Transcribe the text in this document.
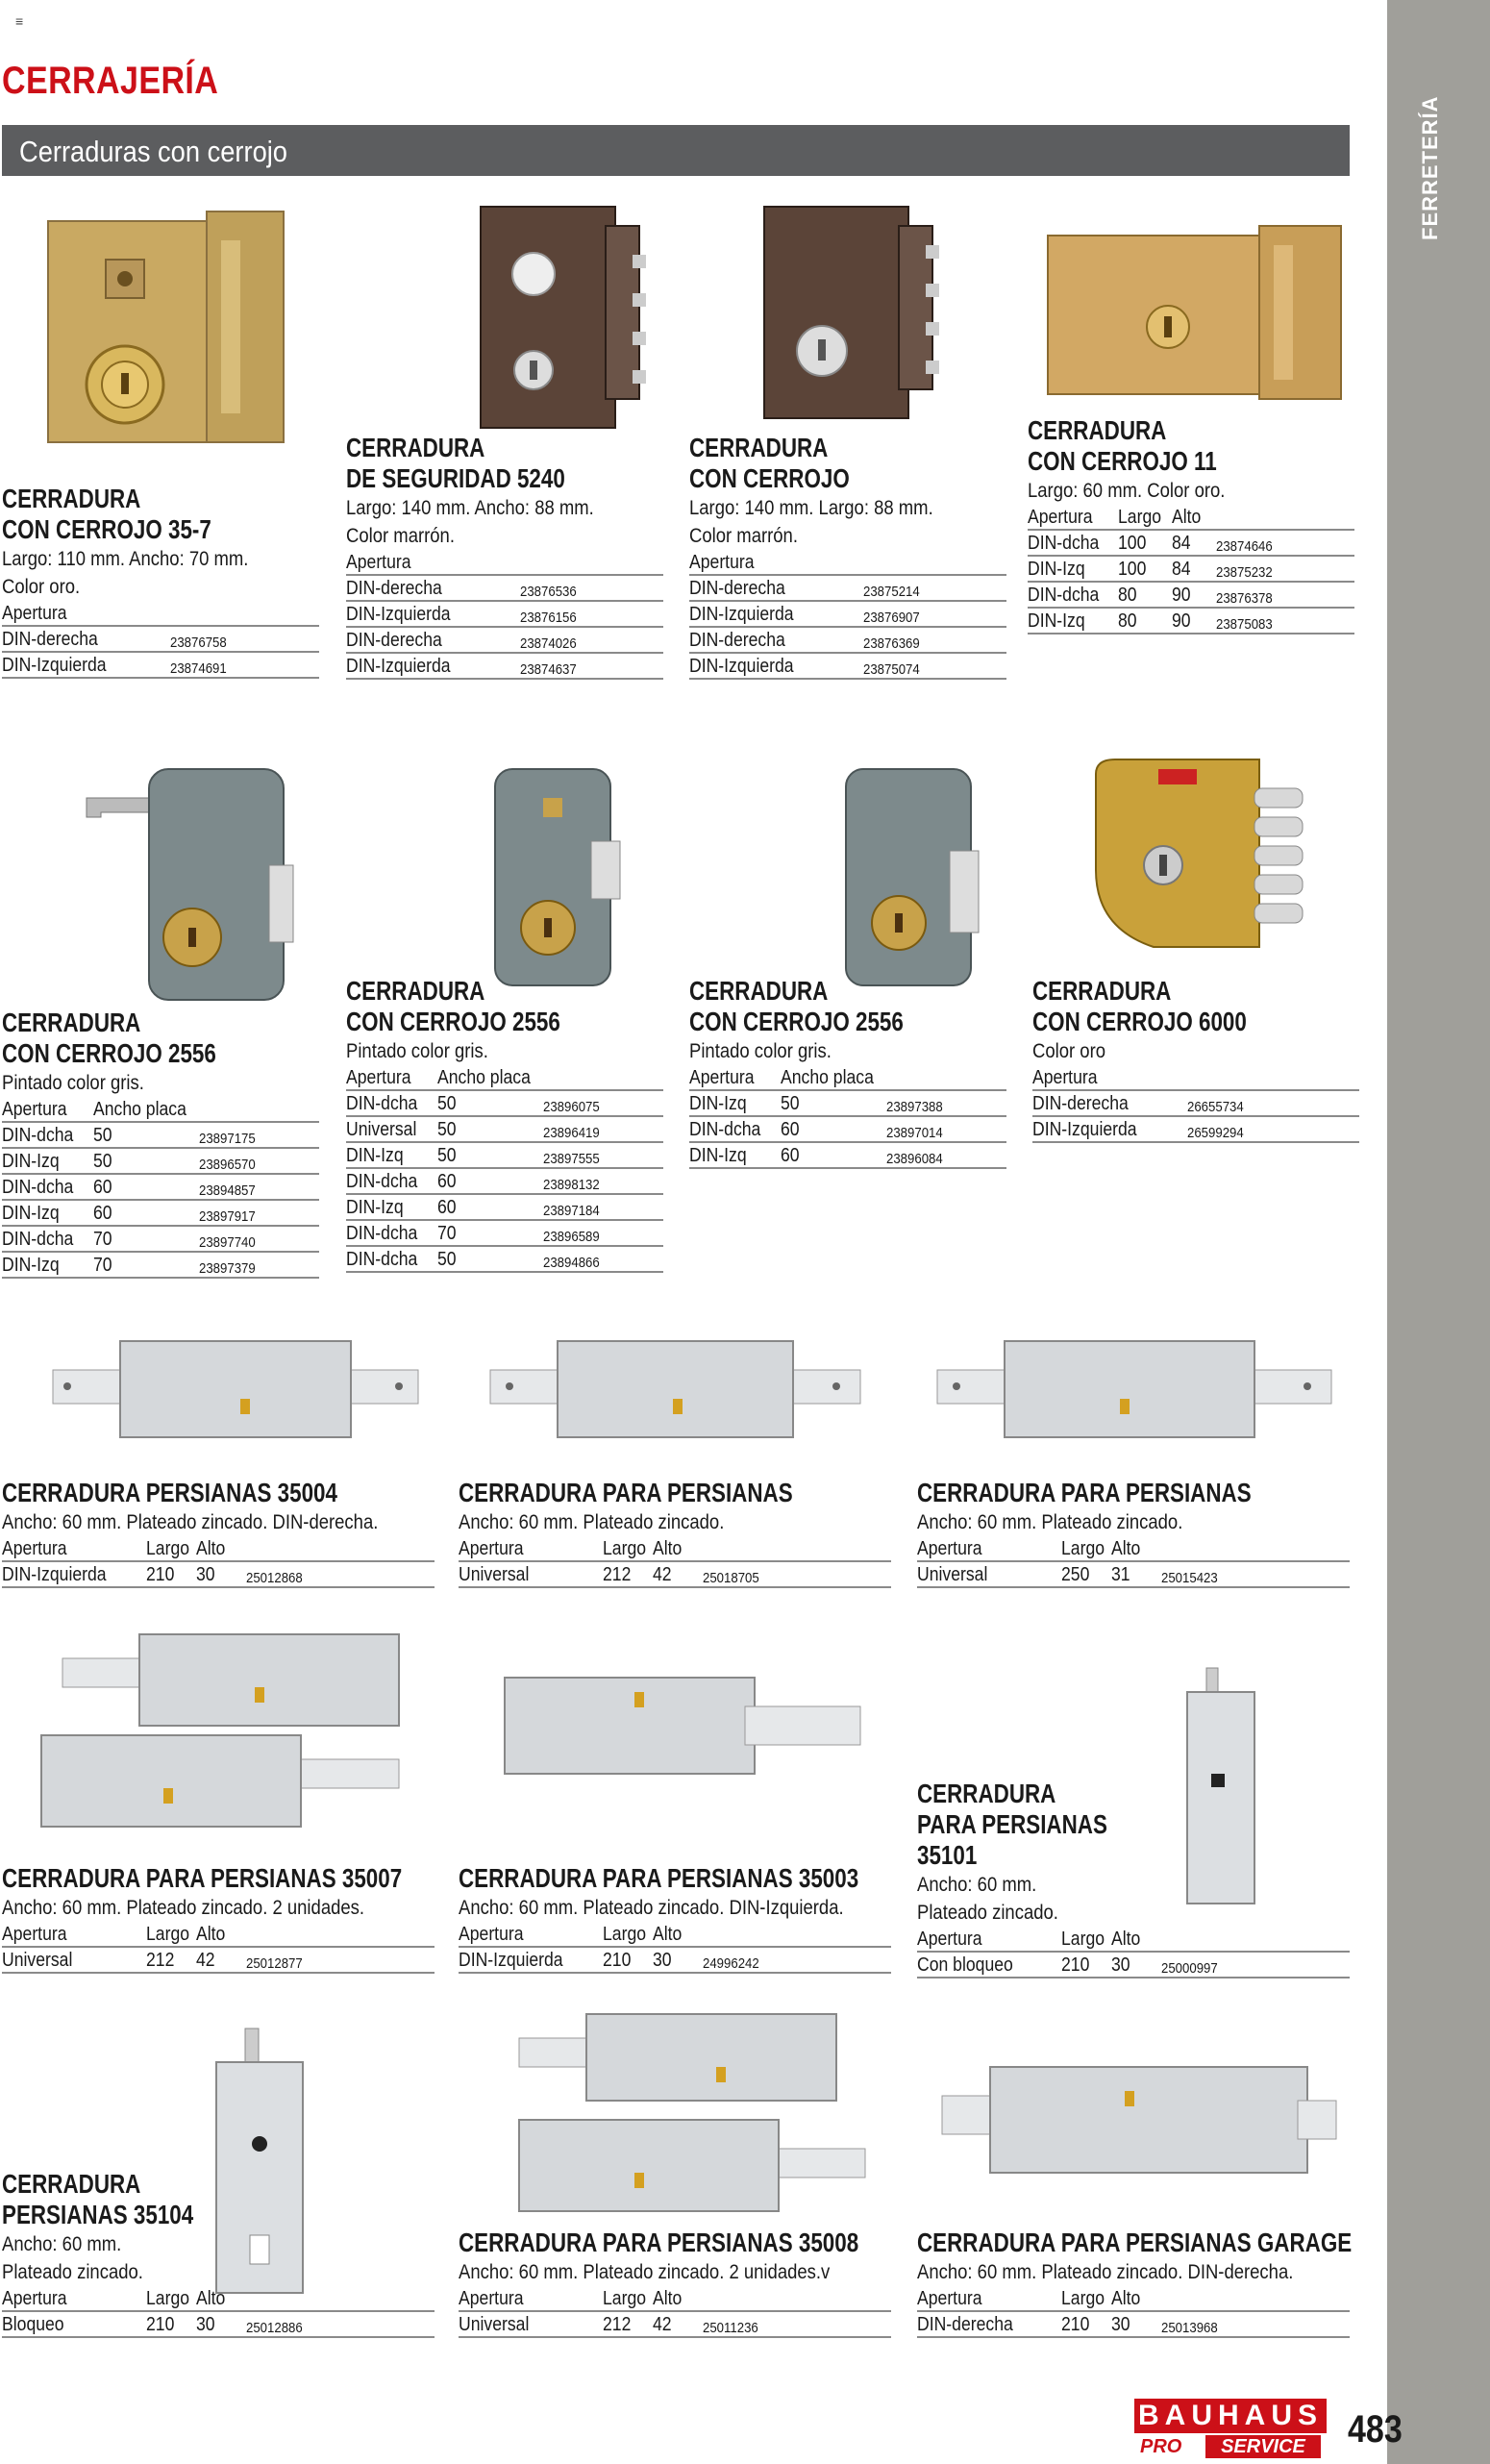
≡
CERRAJERÍA
Cerraduras con cerrojo	FERRETERÍA
CERRADURA
CON CERROJO 35-7
Largo: 110 mm. Ancho: 70 mm.
Color oro.
Apertura			
DIN-derecha			23876758
DIN-Izquierda			23874691
CERRADURA
DE SEGURIDAD 5240
Largo: 140 mm. Ancho: 88 mm.
Color marrón.
Apertura			
DIN-derecha			23876536
DIN-Izquierda			23876156
DIN-derecha			23874026
DIN-Izquierda			23874637
CERRADURA
CON CERROJO
Largo: 140 mm. Largo: 88 mm.
Color marrón.
Apertura			
DIN-derecha			23875214
DIN-Izquierda			23876907
DIN-derecha			23876369
DIN-Izquierda			23875074
CERRADURA
CON CERROJO 11
Largo: 60 mm. Color oro.
Apertura	Largo	Alto	
DIN-dcha	100	84	23874646
DIN-Izq	100	84	23875232
DIN-dcha	80	90	23876378
DIN-Izq	80	90	23875083
CERRADURA
CON CERROJO 2556
Pintado color gris.
Apertura	Ancho placa		
DIN-dcha	50		23897175
DIN-Izq	50		23896570
DIN-dcha	60		23894857
DIN-Izq	60		23897917
DIN-dcha	70		23897740
DIN-Izq	70		23897379
CERRADURA
CON CERROJO 2556
Pintado color gris.
Apertura	Ancho placa		
DIN-dcha	50		23896075
Universal	50		23896419
DIN-Izq	50		23897555
DIN-dcha	60		23898132
DIN-Izq	60		23897184
DIN-dcha	70		23896589
DIN-dcha	50		23894866
CERRADURA
CON CERROJO 2556
Pintado color gris.
Apertura	Ancho placa		
DIN-Izq	50		23897388
DIN-dcha	60		23897014
DIN-Izq	60		23896084
CERRADURA
CON CERROJO 6000
Color oro
Apertura			
DIN-derecha			26655734
DIN-Izquierda			26599294
CERRADURA PERSIANAS 35004
Ancho: 60 mm. Plateado zincado. DIN-derecha.
Apertura	Largo	Alto	
DIN-Izquierda	210	30	25012868
CERRADURA PARA PERSIANAS
Ancho: 60 mm. Plateado zincado.
Apertura	Largo	Alto	
Universal	212	42	25018705
CERRADURA PARA PERSIANAS
Ancho: 60 mm. Plateado zincado.
Apertura	Largo	Alto	
Universal	250	31	25015423
CERRADURA PARA PERSIANAS 35007
Ancho: 60 mm. Plateado zincado. 2 unidades.
Apertura	Largo	Alto	
Universal	212	42	25012877
CERRADURA PARA PERSIANAS 35003
Ancho: 60 mm. Plateado zincado. DIN-Izquierda.
Apertura	Largo	Alto	
DIN-Izquierda	210	30	24996242
CERRADURA
PARA PERSIANAS
35101
Ancho: 60 mm.
Plateado zincado.
Apertura	Largo	Alto	
Con bloqueo	210	30	25000997
CERRADURA
PERSIANAS 35104
Ancho: 60 mm.
Plateado zincado.
Apertura	Largo	Alto	
Bloqueo	210	30	25012886
CERRADURA PARA PERSIANAS 35008
Ancho: 60 mm. Plateado zincado. 2 unidades.v
Apertura	Largo	Alto	
Universal	212	42	25011236
CERRADURA PARA PERSIANAS GARAGE
Ancho: 60 mm. Plateado zincado. DIN-derecha.
Apertura	Largo	Alto	
DIN-derecha	210	30	25013968
BAUHAUS
PRO	SERVICE	483
